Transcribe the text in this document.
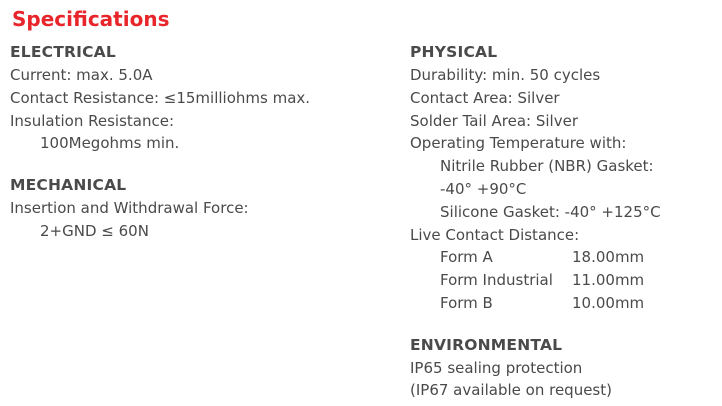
Specifications
ELECTRICAL
Current: max. 5.0A
Contact Resistance: ≤15milliohms max.
Insulation Resistance:
100Megohms min.
MECHANICAL
Insertion and Withdrawal Force:
2+GND ≤ 60N
PHYSICAL
Durability: min. 50 cycles
Contact Area: Silver
Solder Tail Area: Silver
Operating Temperature with:
Nitrile Rubber (NBR) Gasket:
-40° +90°C
Silicone Gasket: -40° +125°C
Live Contact Distance:
Form A	18.00mm
Form Industrial	11.00mm
Form B	10.00mm
ENVIRONMENTAL
IP65 sealing protection
(IP67 available on request)
